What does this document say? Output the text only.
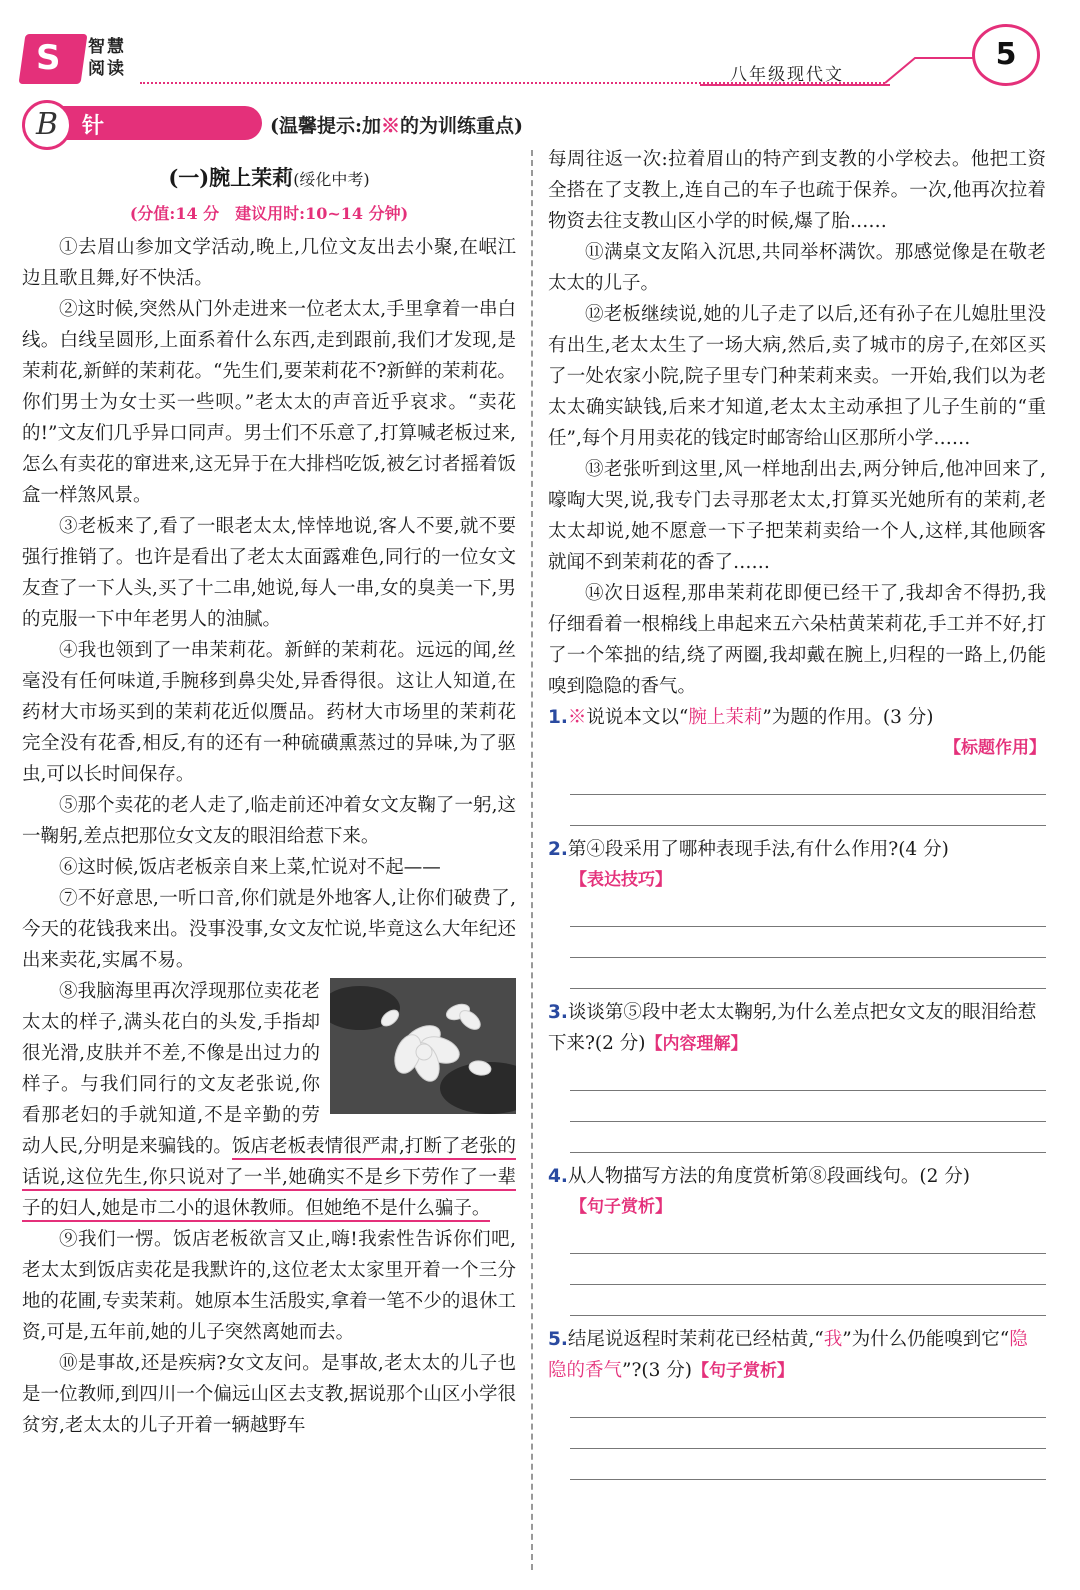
S 智慧阅读	八年级现代文
5
B	针对演练
(温馨提示:加※的为训练重点)

(一)腕上茉莉(绥化中考)

(分值:14 分　建议用时:10~14 分钟)

①去眉山参加文学活动,晚上,几位文友出去小聚,在岷江边且歌且舞,好不快活。

②这时候,突然从门外走进来一位老太太,手里拿着一串白线。白线呈圆形,上面系着什么东西,走到跟前,我们才发现,是茉莉花,新鲜的茉莉花。“先生们,要茉莉花不?新鲜的茉莉花。你们男士为女士买一些呗。”老太太的声音近乎哀求。“卖花的!”文友们几乎异口同声。男士们不乐意了,打算喊老板过来,怎么有卖花的窜进来,这无异于在大排档吃饭,被乞讨者摇着饭盒一样煞风景。

③老板来了,看了一眼老太太,悻悻地说,客人不要,就不要强行推销了。也许是看出了老太太面露难色,同行的一位女文友查了一下人头,买了十二串,她说,每人一串,女的臭美一下,男的克服一下中年老男人的油腻。

④我也领到了一串茉莉花。新鲜的茉莉花。远远的闻,丝毫没有任何味道,手腕移到鼻尖处,异香得很。这让人知道,在药材大市场买到的茉莉花近似赝品。药材大市场里的茉莉花完全没有花香,相反,有的还有一种硫磺熏蒸过的异味,为了驱虫,可以长时间保存。

⑤那个卖花的老人走了,临走前还冲着女文友鞠了一躬,这一鞠躬,差点把那位女文友的眼泪给惹下来。

⑥这时候,饭店老板亲自来上菜,忙说对不起——

⑦不好意思,一听口音,你们就是外地客人,让你们破费了,今天的花钱我来出。没事没事,女文友忙说,毕竟这么大年纪还出来卖花,实属不易。

⑧我脑海里再次浮现那位卖花老太太的样子,满头花白的头发,手指却很光滑,皮肤并不差,不像是出过力的样子。与我们同行的文友老张说,你看那老妇的手就知道,不是辛勤的劳动人民,分明是来骗钱的。饭店老板表情很严肃,打断了老张的话说,这位先生,你只说对了一半,她确实不是乡下劳作了一辈子的妇人,她是市二小的退休教师。但她绝不是什么骗子。

⑨我们一愣。饭店老板欲言又止,嗨!我索性告诉你们吧,老太太到饭店卖花是我默许的,这位老太太家里开着一个三分地的花圃,专卖茉莉。她原本生活殷实,拿着一笔不少的退休工资,可是,五年前,她的儿子突然离她而去。

⑩是事故,还是疾病?女文友问。是事故,老太太的儿子也是一位教师,到四川一个偏远山区去支教,据说那个山区小学很贫穷,老太太的儿子开着一辆越野车

每周往返一次:拉着眉山的特产到支教的小学校去。他把工资全搭在了支教上,连自己的车子也疏于保养。一次,他再次拉着物资去往支教山区小学的时候,爆了胎……

⑪满桌文友陷入沉思,共同举杯满饮。那感觉像是在敬老太太的儿子。

⑫老板继续说,她的儿子走了以后,还有孙子在儿媳肚里没有出生,老太太生了一场大病,然后,卖了城市的房子,在郊区买了一处农家小院,院子里专门种茉莉来卖。一开始,我们以为老太太确实缺钱,后来才知道,老太太主动承担了儿子生前的“重任”,每个月用卖花的钱定时邮寄给山区那所小学……

⑬老张听到这里,风一样地刮出去,两分钟后,他冲回来了,嚎啕大哭,说,我专门去寻那老太太,打算买光她所有的茉莉,老太太却说,她不愿意一下子把茉莉卖给一个人,这样,其他顾客就闻不到茉莉花的香了……

⑭次日返程,那串茉莉花即便已经干了,我却舍不得扔,我仔细看着一根棉线上串起来五六朵枯黄茉莉花,手工并不好,打了一个笨拙的结,绕了两圈,我却戴在腕上,归程的一路上,仍能嗅到隐隐的香气。

1.※说说本文以“腕上茉莉”为题的作用。(3 分)

【标题作用】

2.第④段采用了哪种表现手法,有什么作用?(4 分)

【表达技巧】

3.谈谈第⑤段中老太太鞠躬,为什么差点把女文友的眼泪给惹下来?(2 分)【内容理解】

4.从人物描写方法的角度赏析第⑧段画线句。(2 分)

【句子赏析】

5.结尾说返程时茉莉花已经枯黄,“我”为什么仍能嗅到它“隐隐的香气”?(3 分)【句子赏析】
